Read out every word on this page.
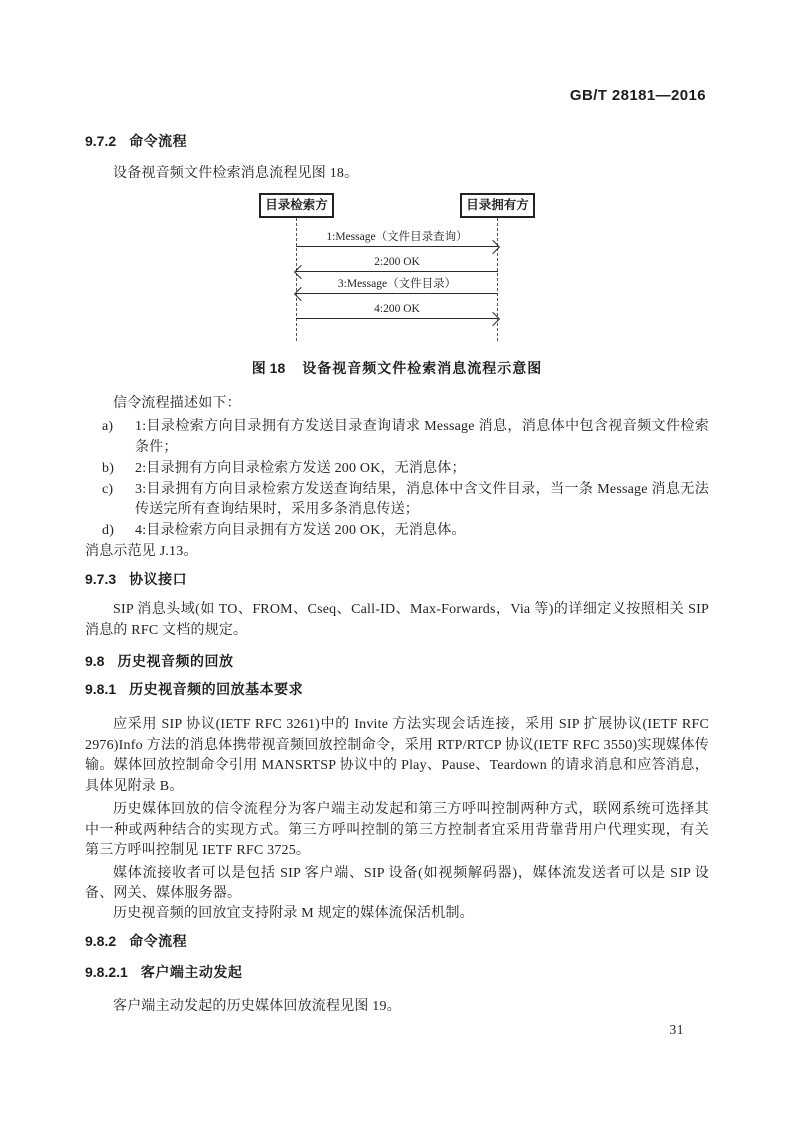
GB/T 28181—2016
9.7.2 命令流程
设备视音频文件检索消息流程见图 18。
目录检索方	目录拥有方
1:Message（文件目录查询）
2:200 OK
3:Message（文件目录）
4:200 OK
图 18 设备视音频文件检索消息流程示意图
信令流程描述如下：
a) 1:目录检索方向目录拥有方发送目录查询请求 Message 消息，消息体中包含视音频文件检索条件；
b) 2:目录拥有方向目录检索方发送 200 OK，无消息体；
c) 3:目录拥有方向目录检索方发送查询结果，消息体中含文件目录，当一条 Message 消息无法传送完所有查询结果时，采用多条消息传送；
d) 4:目录检索方向目录拥有方发送 200 OK，无消息体。
消息示范见 J.13。
9.7.3 协议接口
SIP 消息头域(如 TO、FROM、Cseq、Call-ID、Max-Forwards，Via 等)的详细定义按照相关 SIP 消息的 RFC 文档的规定。
9.8 历史视音频的回放
9.8.1 历史视音频的回放基本要求
应采用 SIP 协议(IETF RFC 3261)中的 Invite 方法实现会话连接，采用 SIP 扩展协议(IETF RFC 2976)Info 方法的消息体携带视音频回放控制命令，采用 RTP/RTCP 协议(IETF RFC 3550)实现媒体传输。媒体回放控制命令引用 MANSRTSP 协议中的 Play、Pause、Teardown 的请求消息和应答消息，具体见附录 B。
历史媒体回放的信令流程分为客户端主动发起和第三方呼叫控制两种方式，联网系统可选择其中一种或两种结合的实现方式。第三方呼叫控制的第三方控制者宜采用背靠背用户代理实现，有关第三方呼叫控制见 IETF RFC 3725。
媒体流接收者可以是包括 SIP 客户端、SIP 设备(如视频解码器)，媒体流发送者可以是 SIP 设备、网关、媒体服务器。
历史视音频的回放宜支持附录 M 规定的媒体流保活机制。
9.8.2 命令流程
9.8.2.1 客户端主动发起
客户端主动发起的历史媒体回放流程见图 19。
31
